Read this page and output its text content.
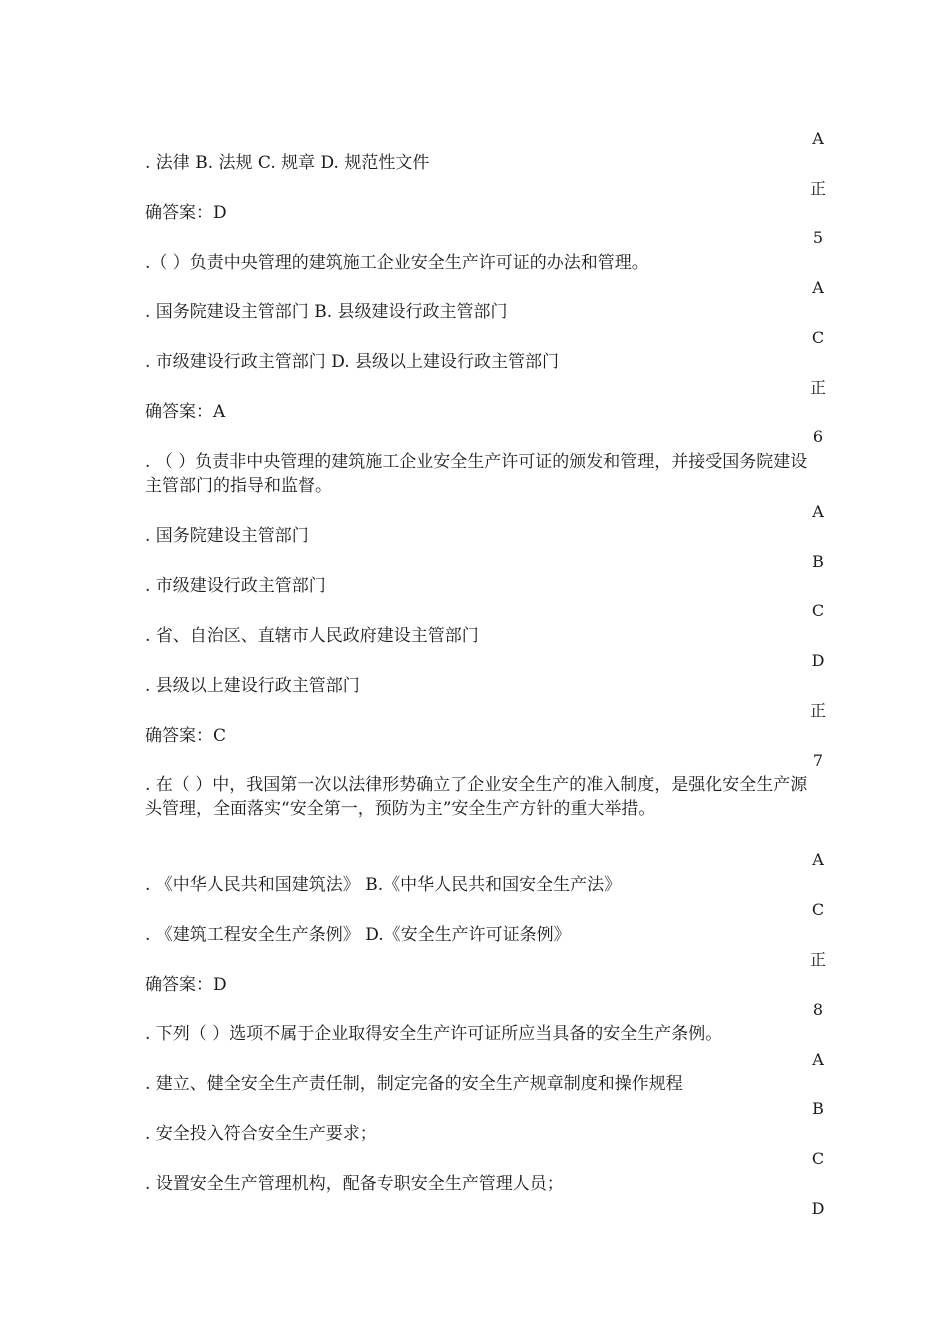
. 法律 B. 法规 C. 规章 D. 规范性文件
确答案：D
.（ ）负责中央管理的建筑施工企业安全生产许可证的办法和管理。
. 国务院建设主管部门 B. 县级建设行政主管部门
. 市级建设行政主管部门 D. 县级以上建设行政主管部门
确答案：A
. （ ）负责非中央管理的建筑施工企业安全生产许可证的颁发和管理，并接受国务院建设主管部门的指导和监督。
. 国务院建设主管部门
. 市级建设行政主管部门
. 省、自治区、直辖市人民政府建设主管部门
. 县级以上建设行政主管部门
确答案：C
. 在（ ）中，我国第一次以法律形势确立了企业安全生产的准入制度，是强化安全生产源头管理，全面落实“安全第一，预防为主”安全生产方针的重大举措。
. 《中华人民共和国建筑法》 B.《中华人民共和国安全生产法》
. 《建筑工程安全生产条例》 D.《安全生产许可证条例》
确答案：D
. 下列（ ）选项不属于企业取得安全生产许可证所应当具备的安全生产条例。
. 建立、健全安全生产责任制，制定完备的安全生产规章制度和操作规程
. 安全投入符合安全生产要求；
. 设置安全生产管理机构，配备专职安全生产管理人员；
A
正
5
A
C
正
6
A
B
C
D
正
7
A
C
正
8
A
B
C
D
